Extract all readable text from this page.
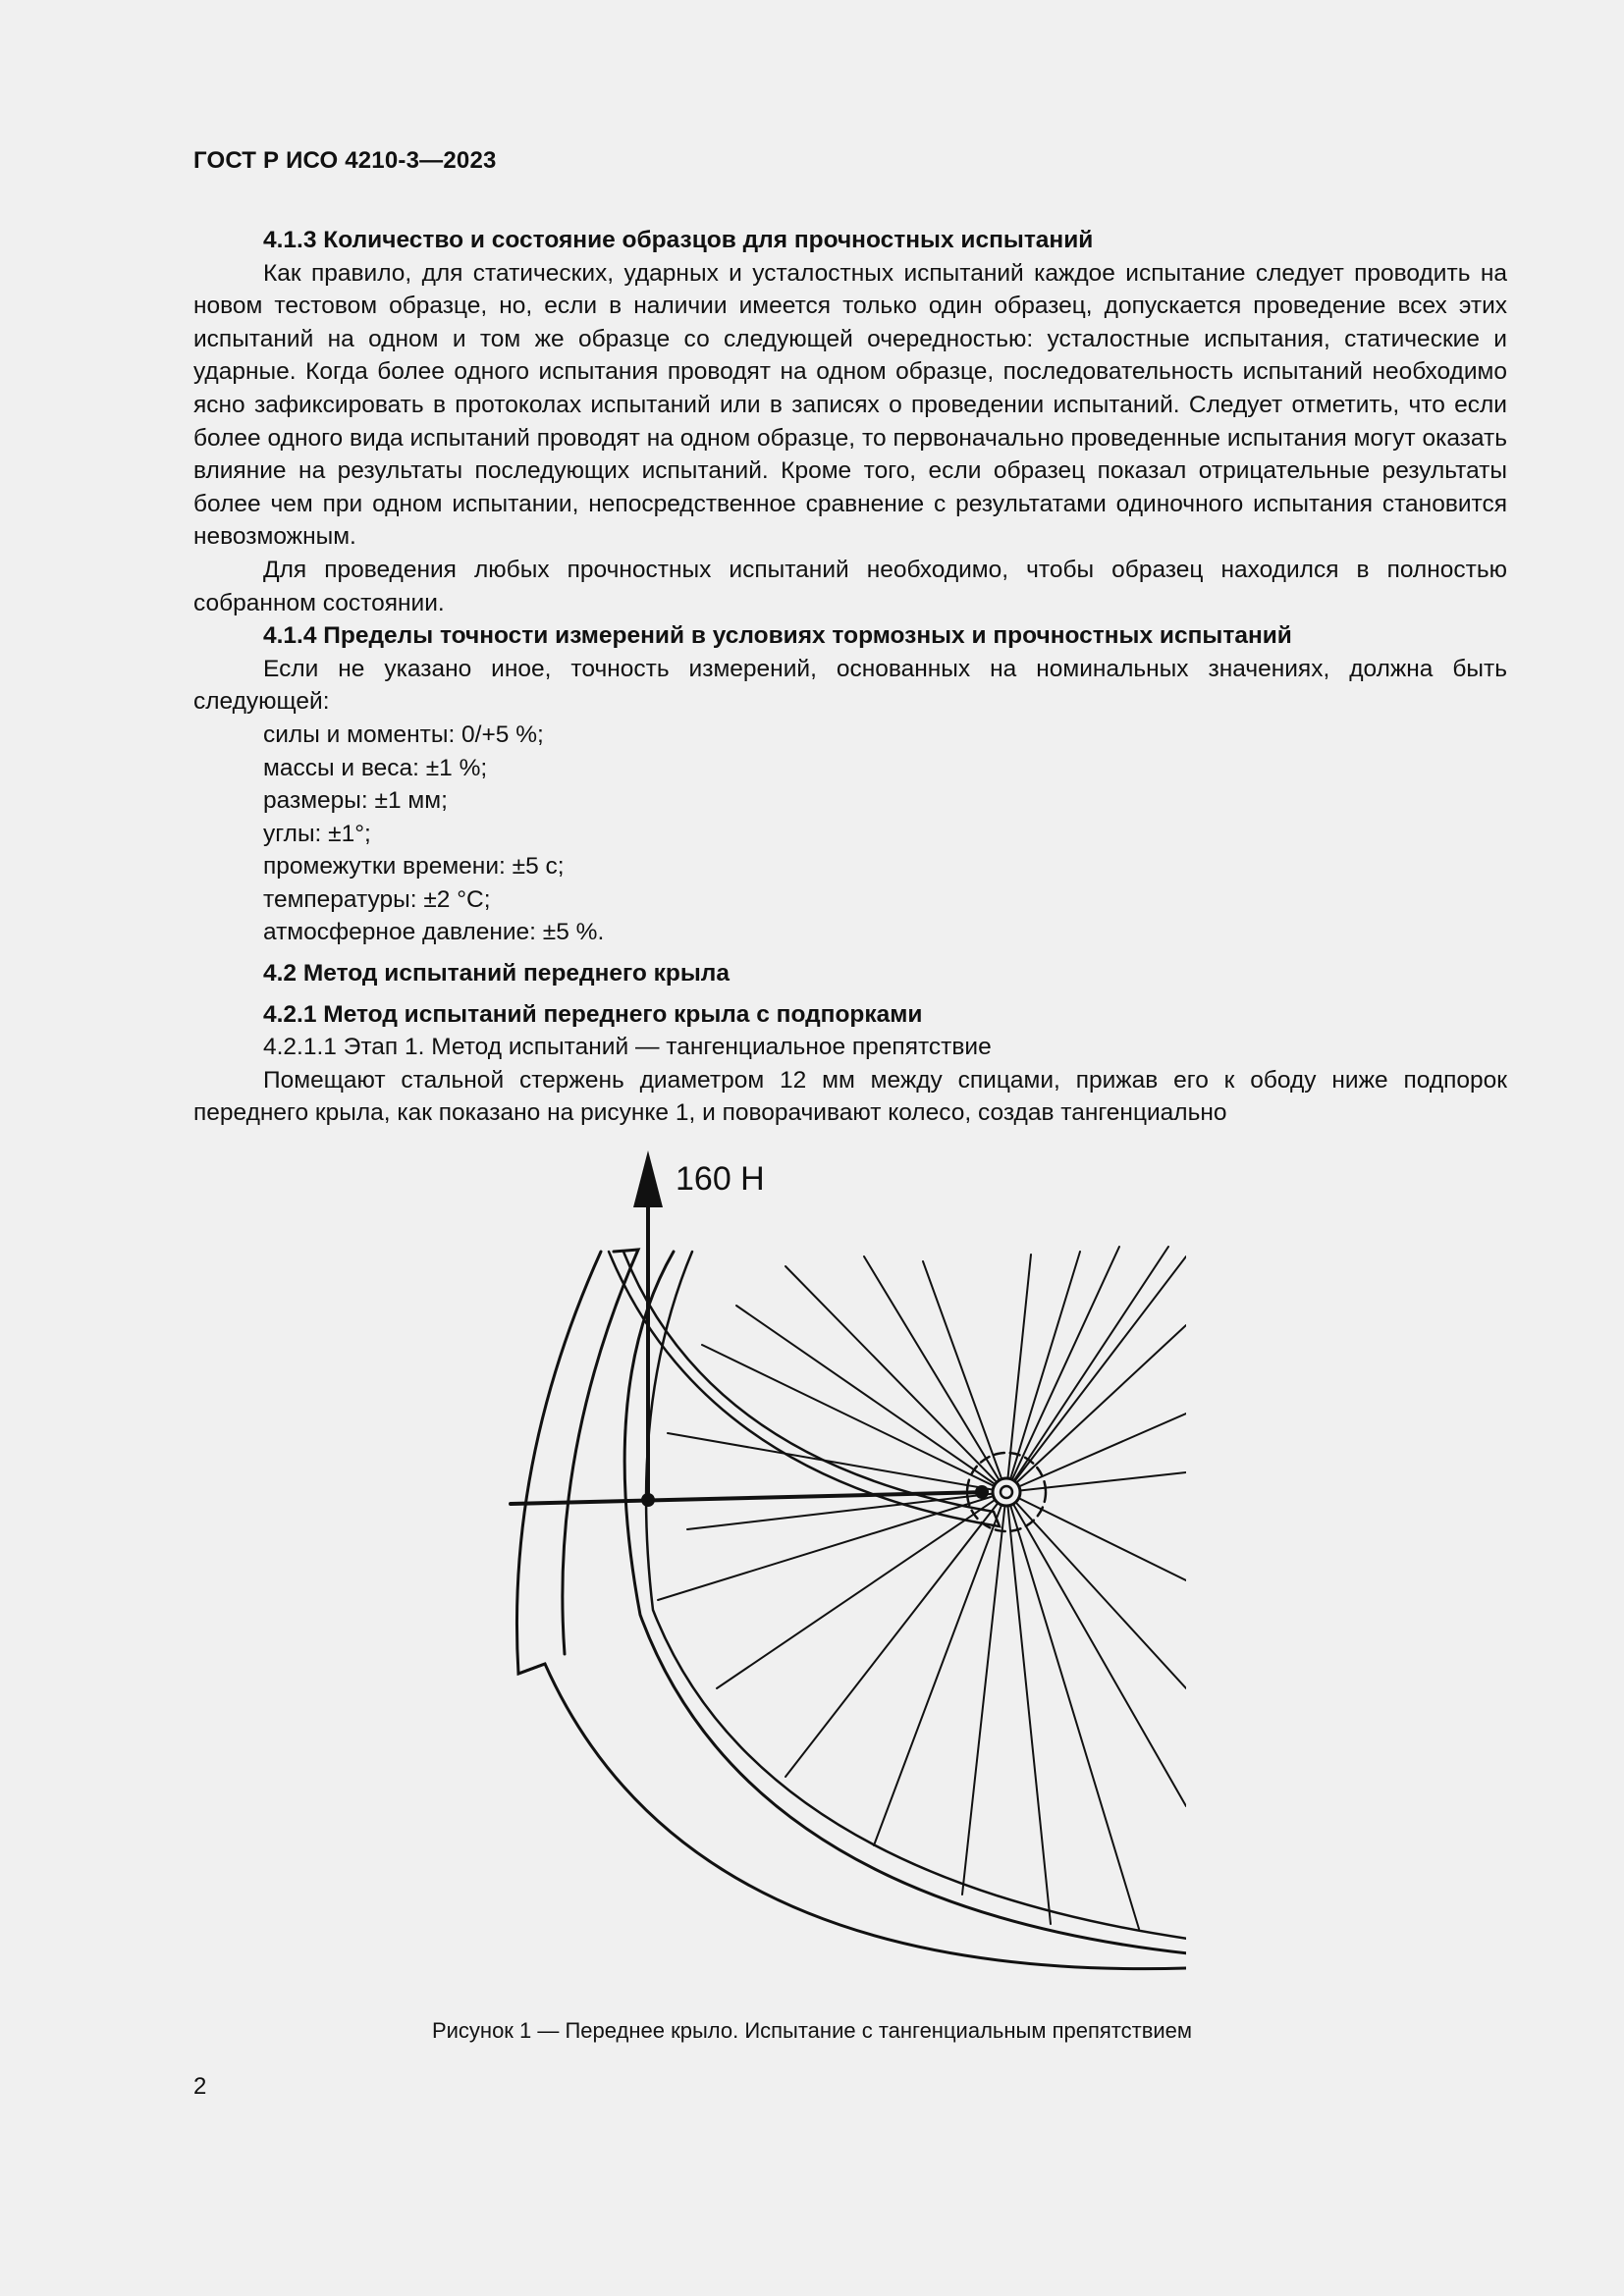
ГОСТ Р ИСО 4210-3—2023

4.1.3 Количество и состояние образцов для прочностных испытаний

Как правило, для статических, ударных и усталостных испытаний каждое испытание следует проводить на новом тестовом образце, но, если в наличии имеется только один образец, допускается проведение всех этих испытаний на одном и том же образце со следующей очередностью: усталостные испытания, статические и ударные. Когда более одного испытания проводят на одном образце, последовательность испытаний необходимо ясно зафиксировать в протоколах испытаний или в записях о проведении испытаний. Следует отметить, что если более одного вида испытаний проводят на одном образце, то первоначально проведенные испытания могут оказать влияние на результаты последующих испытаний. Кроме того, если образец показал отрицательные результаты более чем при одном испытании, непосредственное сравнение с результатами одиночного испытания становится невозможным.

Для проведения любых прочностных испытаний необходимо, чтобы образец находился в полностью собранном состоянии.

4.1.4 Пределы точности измерений в условиях тормозных и прочностных испытаний

Если не указано иное, точность измерений, основанных на номинальных значениях, должна быть следующей:

силы и моменты: 0/+5 %;

массы и веса: ±1 %;

размеры: ±1 мм;

углы: ±1°;

промежутки времени: ±5 с;

температуры: ±2 °С;

атмосферное давление: ±5 %.

4.2 Метод испытаний переднего крыла

4.2.1 Метод испытаний переднего крыла с подпорками

4.2.1.1 Этап 1. Метод испытаний — тангенциальное препятствие

Помещают стальной стержень диаметром 12 мм между спицами, прижав его к ободу ниже подпорок переднего крыла, как показано на рисунке 1, и поворачивают колесо, создав тангенциально

160 Н
Рисунок 1 — Переднее крыло. Испытание с тангенциальным препятствием
2
